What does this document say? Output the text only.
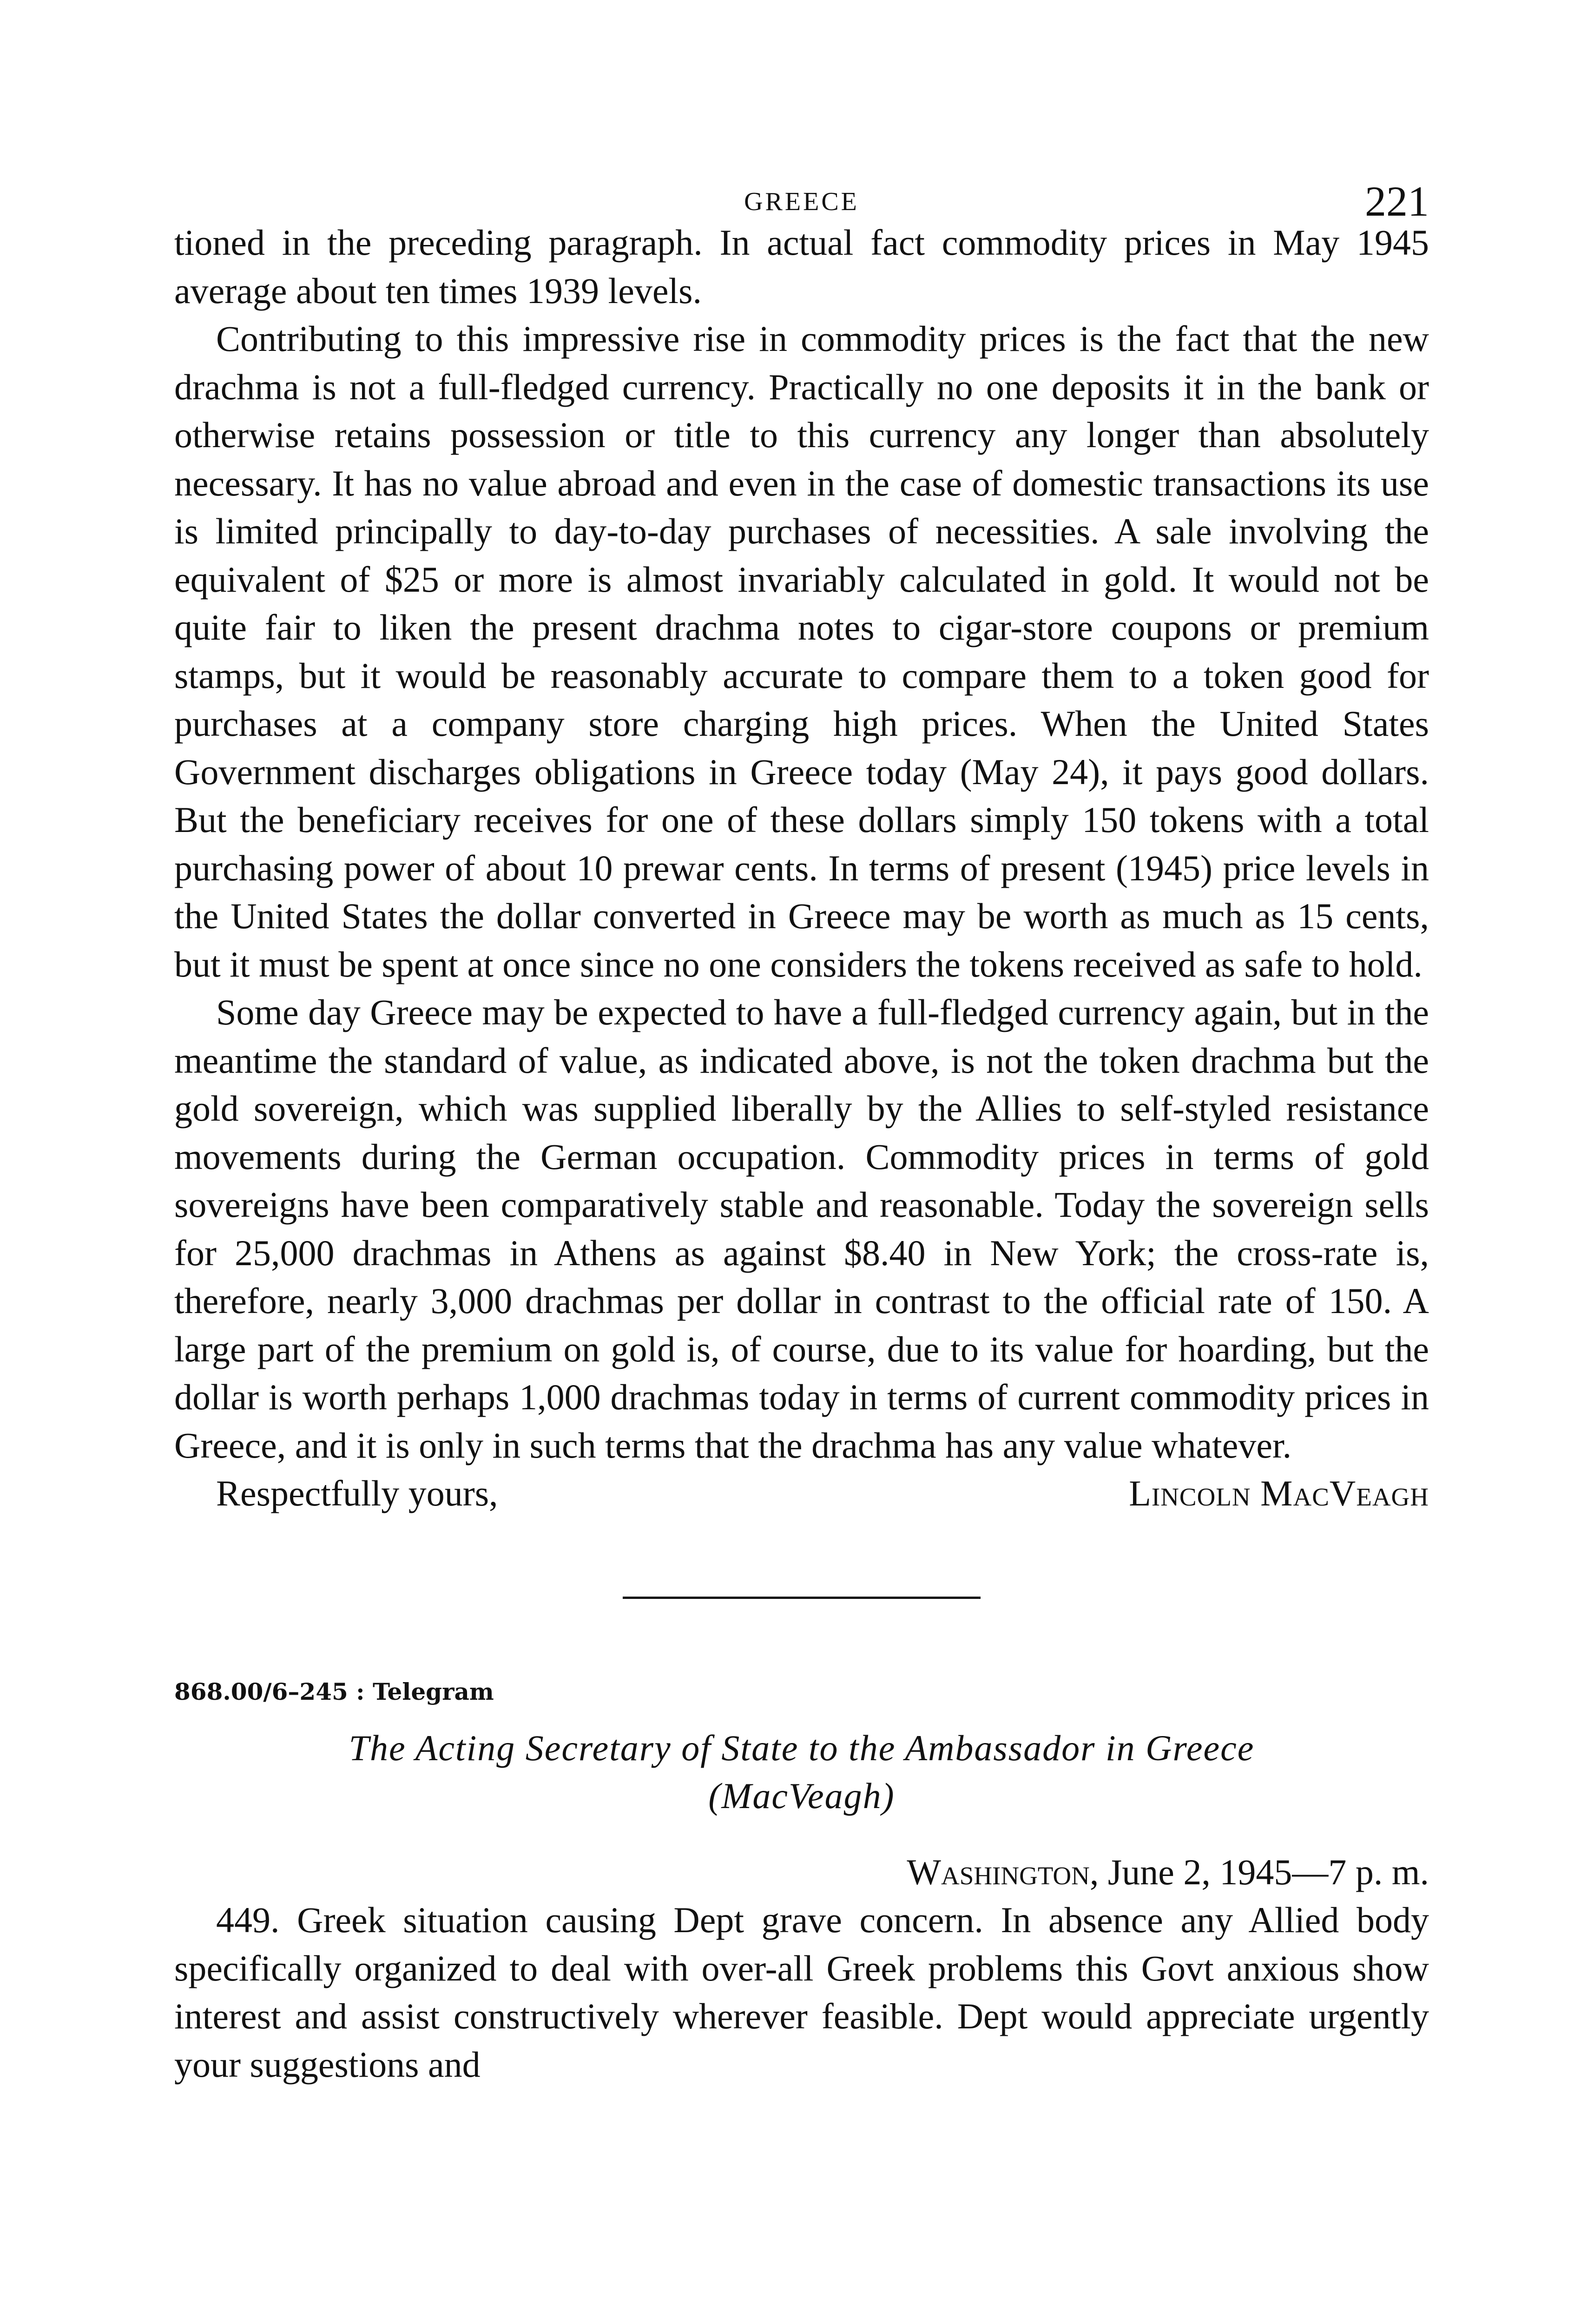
GREECE	221

tioned in the preceding paragraph. In actual fact commodity prices in May 1945 average about ten times 1939 levels.

Contributing to this impressive rise in commodity prices is the fact that the new drachma is not a full-fledged currency. Practically no one deposits it in the bank or otherwise retains possession or title to this currency any longer than absolutely necessary. It has no value abroad and even in the case of domestic transactions its use is limited principally to day-to-day purchases of necessities. A sale involving the equivalent of $25 or more is almost invariably calculated in gold. It would not be quite fair to liken the present drachma notes to cigar-store coupons or premium stamps, but it would be reasonably accurate to compare them to a token good for purchases at a company store charging high prices. When the United States Government discharges obligations in Greece today (May 24), it pays good dollars. But the beneficiary receives for one of these dollars simply 150 tokens with a total purchasing power of about 10 prewar cents. In terms of present (1945) price levels in the United States the dollar converted in Greece may be worth as much as 15 cents, but it must be spent at once since no one considers the tokens received as safe to hold.

Some day Greece may be expected to have a full-fledged currency again, but in the meantime the standard of value, as indicated above, is not the token drachma but the gold sovereign, which was supplied liberally by the Allies to self-styled resistance movements during the German occupation. Commodity prices in terms of gold sovereigns have been comparatively stable and reasonable. Today the sovereign sells for 25,000 drachmas in Athens as against $8.40 in New York; the cross-rate is, therefore, nearly 3,000 drachmas per dollar in contrast to the official rate of 150. A large part of the premium on gold is, of course, due to its value for hoarding, but the dollar is worth perhaps 1,000 drachmas today in terms of current commodity prices in Greece, and it is only in such terms that the drachma has any value whatever.

Respectfully yours,	Lincoln MacVeagh
868.00/6–245 : Telegram
The Acting Secretary of State to the Ambassador in Greece
(MacVeagh)
Washington, June 2, 1945—7 p. m.

449. Greek situation causing Dept grave concern. In absence any Allied body specifically organized to deal with over-all Greek problems this Govt anxious show interest and assist constructively wherever feasible. Dept would appreciate urgently your suggestions and
